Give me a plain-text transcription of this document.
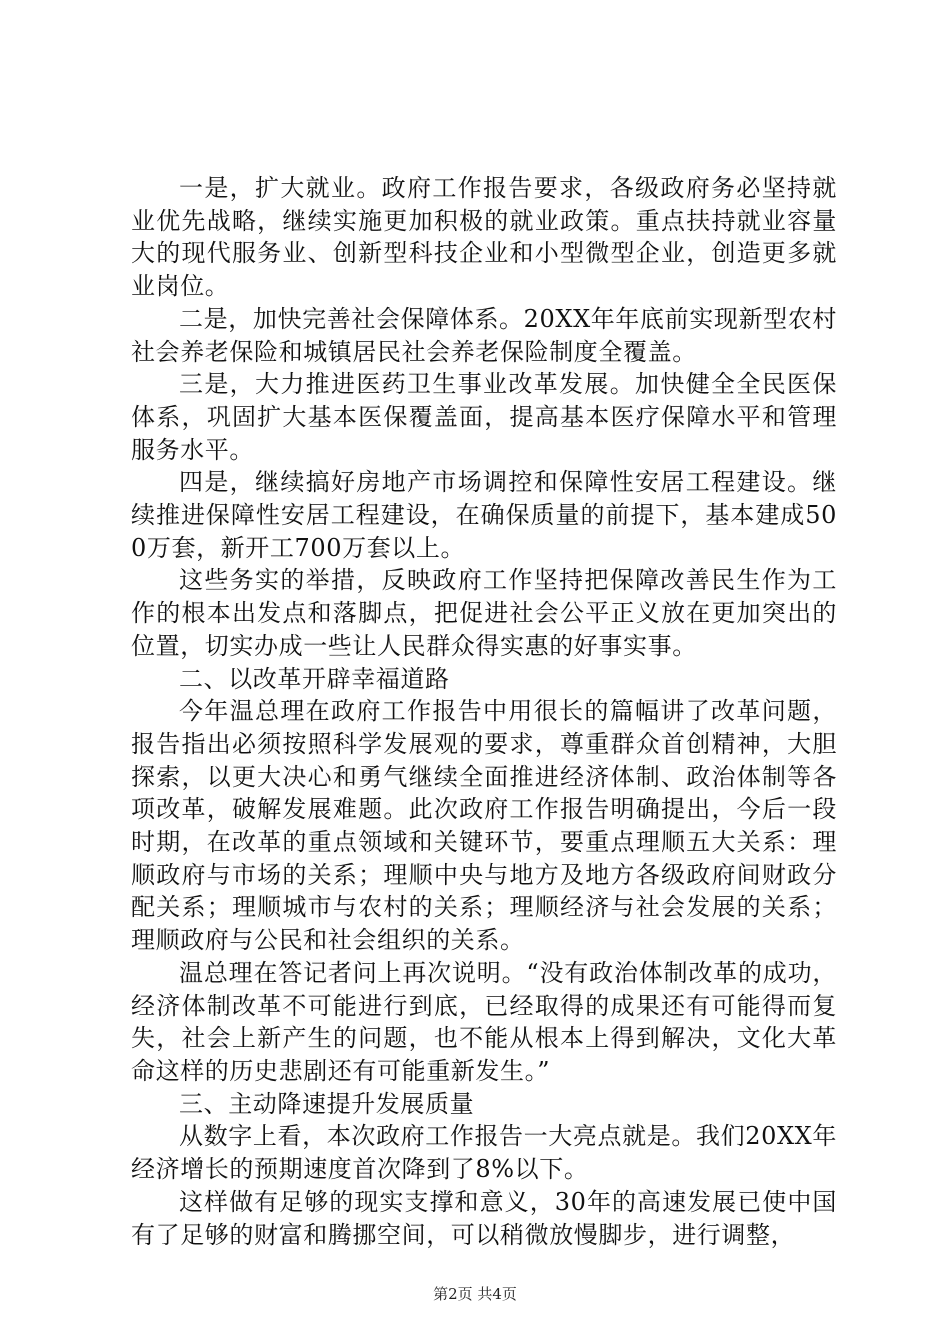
一是，扩大就业。政府工作报告要求，各级政府务必坚持就业优先战略，继续实施更加积极的就业政策。重点扶持就业容量大的现代服务业、创新型科技企业和小型微型企业，创造更多就业岗位。

二是，加快完善社会保障体系。20XX年年底前实现新型农村社会养老保险和城镇居民社会养老保险制度全覆盖。

三是，大力推进医药卫生事业改革发展。加快健全全民医保体系，巩固扩大基本医保覆盖面，提高基本医疗保障水平和管理服务水平。

四是，继续搞好房地产市场调控和保障性安居工程建设。继续推进保障性安居工程建设，在确保质量的前提下，基本建成500万套，新开工700万套以上。

这些务实的举措，反映政府工作坚持把保障改善民生作为工作的根本出发点和落脚点，把促进社会公平正义放在更加突出的位置，切实办成一些让人民群众得实惠的好事实事。

二、以改革开辟幸福道路

今年温总理在政府工作报告中用很长的篇幅讲了改革问题，报告指出必须按照科学发展观的要求，尊重群众首创精神，大胆探索，以更大决心和勇气继续全面推进经济体制、政治体制等各项改革，破解发展难题。此次政府工作报告明确提出，今后一段时期，在改革的重点领域和关键环节，要重点理顺五大关系：理顺政府与市场的关系；理顺中央与地方及地方各级政府间财政分配关系；理顺城市与农村的关系；理顺经济与社会发展的关系；理顺政府与公民和社会组织的关系。

温总理在答记者问上再次说明。“没有政治体制改革的成功，经济体制改革不可能进行到底，已经取得的成果还有可能得而复失，社会上新产生的问题，也不能从根本上得到解决，文化大革命这样的历史悲剧还有可能重新发生。”

三、主动降速提升发展质量

从数字上看，本次政府工作报告一大亮点就是。我们20XX年经济增长的预期速度首次降到了8%以下。

这样做有足够的现实支撑和意义，30年的高速发展已使中国有了足够的财富和腾挪空间，可以稍微放慢脚步，进行调整，

第2页 共4页
